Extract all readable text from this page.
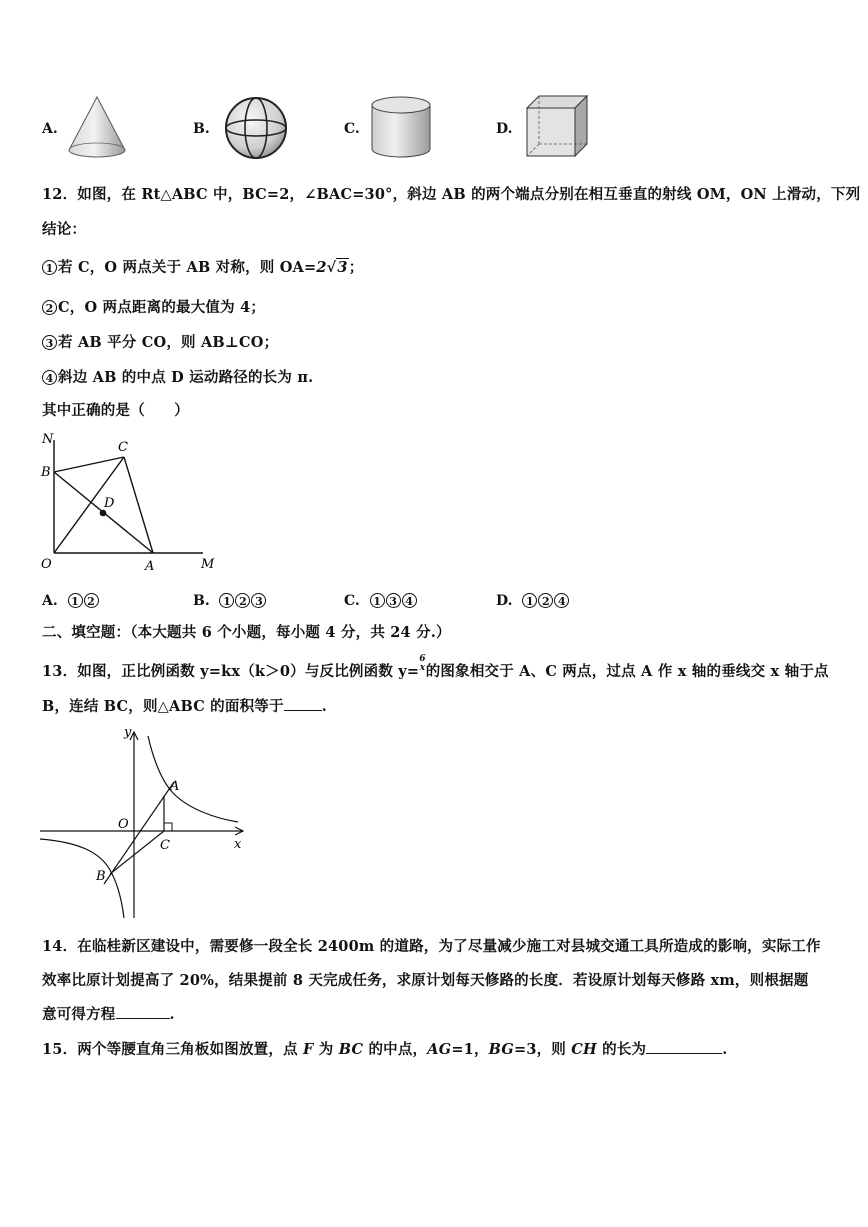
A.	B.	C.	D.
12．如图，在 Rt△ABC 中，BC=2，∠BAC=30°，斜边 AB 的两个端点分别在相互垂直的射线 OM，ON 上滑动，下列
结论：
1 若 C，O 两点关于 AB 对称，则 OA=2√3；
2 C，O 两点距离的最大值为 4；
3 若 AB 平分 CO，则 AB⊥CO；
4 斜边 AB 的中点 D 运动路径的长为 π.
其中正确的是（　　）
N
C
B
D
O	A	M
A. 1 2	B. 1 2 3	C. 1 3 4	D. 1 2 4
二、填空题：（本大题共 6 个小题，每小题 4 分，共 24 分.）
13．如图，正比例函数 y=kx（k＞0）与反比例函数 y=6
x的图象相交于 A、C 两点，过点 A 作 x 轴的垂线交 x 轴于点
B，连结 BC，则△ABC 的面积等于	.
y
A
O
C	x
B
14．在临桂新区建设中，需要修一段全长 2400m 的道路，为了尽量减少施工对县城交通工具所造成的影响，实际工作
效率比原计划提高了 20%，结果提前 8 天完成任务，求原计划每天修路的长度．若设原计划每天修路 xm，则根据题
意可得方程	.
15．两个等腰直角三角板如图放置，点 F 为 BC 的中点，AG=1，BG=3，则 CH 的长为	.
